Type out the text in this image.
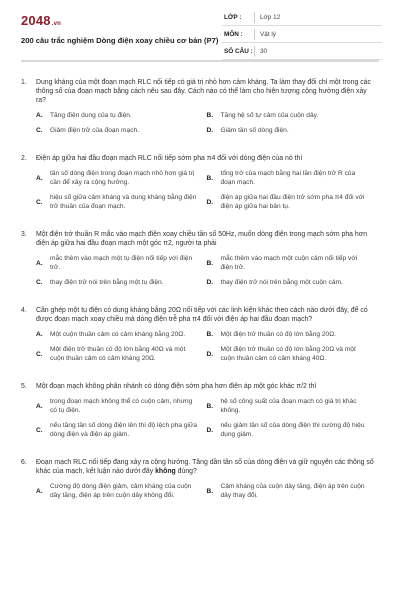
2048.vn
200 câu trắc nghiệm Dòng điện xoay chiều cơ bản (P7)
LỚP :	Lớp 12
MÔN :	Vật lý
SỐ CÂU : 30
1. Dung kháng của một đoạn mạch RLC nối tiếp có giá trị nhỏ hơn cảm kháng. Ta làm thay đổi chỉ một trong các thông số của đoạn mạch bằng cách nêu sau đây. Cách nào có thể làm cho hiện tượng cộng hưởng điện xảy ra?
A.	Tăng điện dung của tụ điện.	B.	Tăng hệ số tự cảm của cuộn dây.
C.	Giảm điện trở của đoạn mạch.	D.	Giảm tần số dòng điện.
2. Điện áp giữa hai đầu đoạn mạch RLC nối tiếp sớm pha π4 đối với dòng điện của nó thì
A.
tần số dòng điện trong đoạn mạch nhỏ hơn giá trị cần để xảy ra cộng hưởng.
B.
tổng trở của mạch bằng hai lần điện trở R của đoạn mạch.
C.
hiệu số giữa cảm kháng và dung kháng bằng điện trở thuần của đoạn mạch.
D.
điện áp giữa hai đầu điện trở sớm pha π4 đối với điện áp giữa hai bản tụ.
3. Một điện trở thuần R mắc vào mạch điện xoay chiều tần số 50Hz, muốn dòng điện trong mạch sớm pha hơn điện áp giữa hai đầu đoạn mạch một góc π2, người ta phải
A.
mắc thêm vào mạch một tụ điện nối tiếp với điện trở.
B.
mắc thêm vào mạch một cuộn cảm nối tiếp với điện trở.
C.	thay điện trở nói trên bằng một tụ điện.	D.	thay điện trở nói trên bằng một cuộn cảm.
4. Cần ghép một tụ điện có dung kháng bằng 20Ω nối tiếp với các linh kiện khác theo cách nào dưới đây, để có được đoạn mạch xoay chiều mà dòng điện trễ pha π4 đối với điện áp hai đầu đoạn mạch?
A.	Một cuộn thuần cảm có cảm kháng bằng 20Ω.	B.	Một điện trở thuần có độ lớn bằng 20Ω.
C.
Một điện trở thuần có độ lớn bằng 40Ω và một cuộn thuần cảm có cảm kháng 20Ω.
D.
Một điện trở thuần có độ lớn bằng 20Ω và một cuộn thuần cảm có cảm kháng 40Ω.
5. Một đoạn mạch không phân nhánh có dòng điện sớm pha hơn điện áp một góc khác π/2 thì
A.
trong đoạn mạch không thể có cuộn cảm, nhưng có tụ điện.
B.
hệ số công suất của đoạn mạch có giá trị khác không.
C.
nếu tăng tần số dòng điện lên thì độ lệch pha giữa dòng điện và điện áp giảm.
D.
nếu giảm tần số của dòng điện thì cường độ hiệu dụng giảm.
6. Đoạn mạch RLC nối tiếp đang xảy ra cộng hưởng. Tăng dần tần số của dòng điện và giữ nguyên các thông số khác của mạch, kết luận nào dưới đây không đúng?
A.
Cường độ dòng điện giảm, cảm kháng của cuộn dây tăng, điện áp trên cuộn dây không đổi.
B.
Cảm kháng của cuộn dây tăng, điện áp trên cuộn dây thay đổi.
